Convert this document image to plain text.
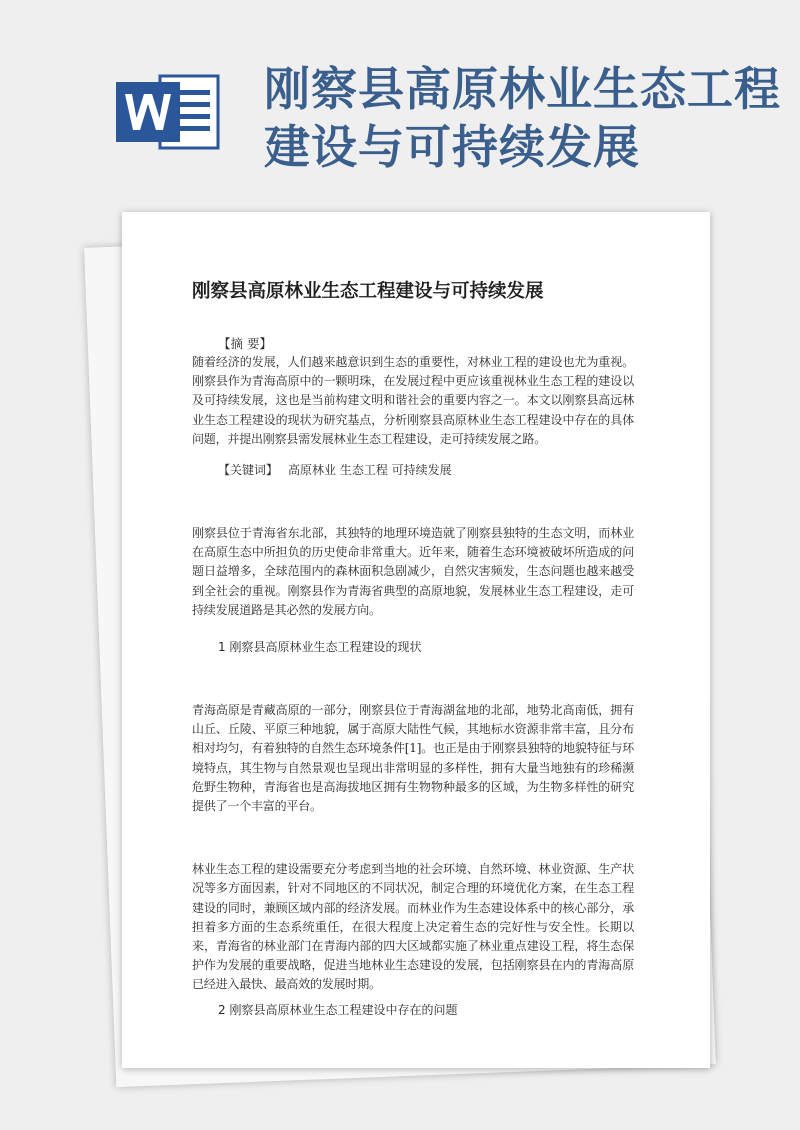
刚察县高原林业生态工程建设与可持续发展
刚察县高原林业生态工程建设与可持续发展

【摘 要】

随着经济的发展，人们越来越意识到生态的重要性，对林业工程的建设也尤为重视。刚察县作为青海高原中的一颗明珠，在发展过程中更应该重视林业生态工程的建设以及可持续发展，这也是当前构建文明和谐社会的重要内容之一。本文以刚察县高远林业生态工程建设的现状为研究基点，分析刚察县高原林业生态工程建设中存在的具体问题，并提出刚察县需发展林业生态工程建设，走可持续发展之路。

【关键词】 高原林业 生态工程 可持续发展

刚察县位于青海省东北部，其独特的地理环境造就了刚察县独特的生态文明，而林业在高原生态中所担负的历史使命非常重大。近年来，随着生态环境被破坏所造成的问题日益增多，全球范围内的森林面积急剧减少，自然灾害频发，生态问题也越来越受到全社会的重视。刚察县作为青海省典型的高原地貌，发展林业生态工程建设，走可持续发展道路是其必然的发展方向。

1 刚察县高原林业生态工程建设的现状

青海高原是青藏高原的一部分，刚察县位于青海湖盆地的北部，地势北高南低，拥有山丘、丘陵、平原三种地貌，属于高原大陆性气候，其地标水资源非常丰富，且分布相对均匀，有着独特的自然生态环境条件[1]。也正是由于刚察县独特的地貌特征与环境特点，其生物与自然景观也呈现出非常明显的多样性，拥有大量当地独有的珍稀濒危野生物种，青海省也是高海拔地区拥有生物物种最多的区域，为生物多样性的研究提供了一个丰富的平台。

林业生态工程的建设需要充分考虑到当地的社会环境、自然环境、林业资源、生产状况等多方面因素，针对不同地区的不同状况，制定合理的环境优化方案，在生态工程建设的同时，兼顾区域内部的经济发展。而林业作为生态建设体系中的核心部分，承担着多方面的生态系统重任，在很大程度上决定着生态的完好性与安全性。长期以来，青海省的林业部门在青海内部的四大区域都实施了林业重点建设工程，将生态保护作为发展的重要战略，促进当地林业生态建设的发展，包括刚察县在内的青海高原已经进入最快、最高效的发展时期。

2 刚察县高原林业生态工程建设中存在的问题
